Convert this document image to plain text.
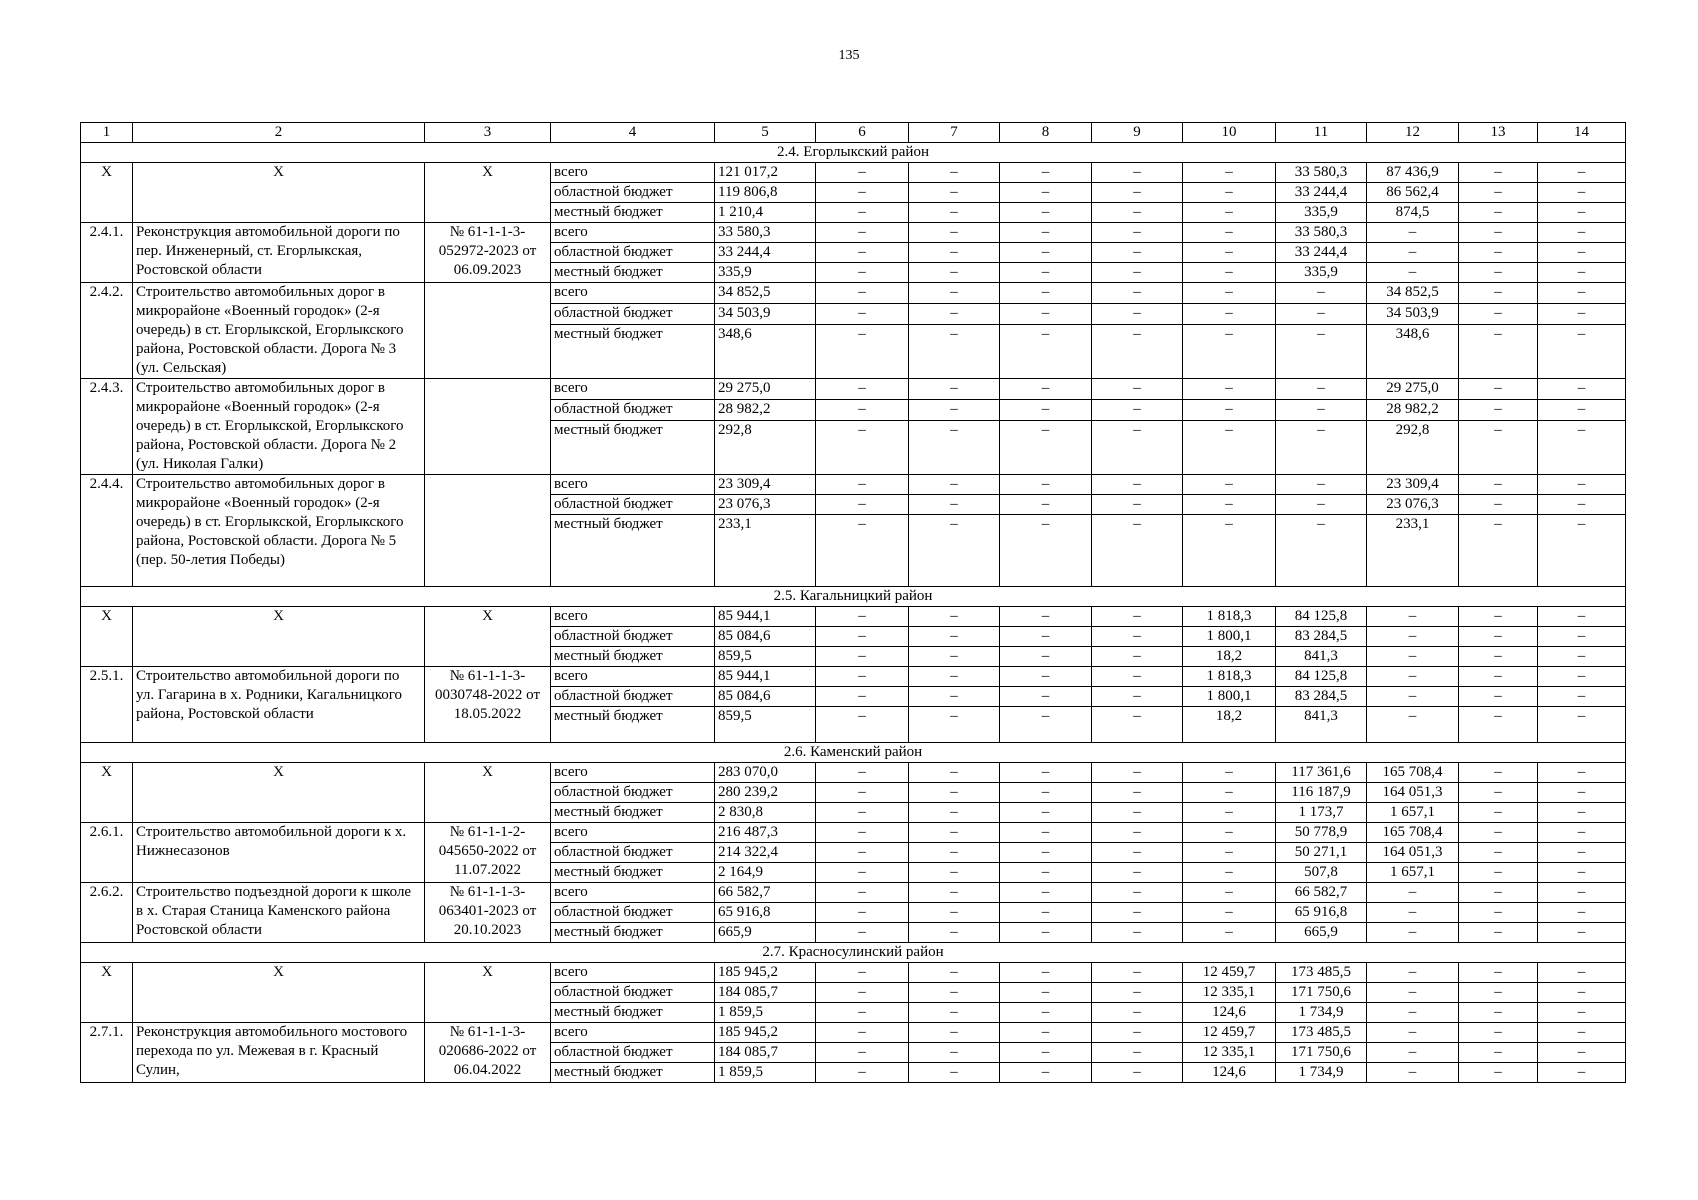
135
1	2	3	4	5	6	7	8	9	10	11	12	13	14
2.4. Егорлыкский район													
Х	Х	Х	всего	121 017,2	–	–	–	–	–	33 580,3	87 436,9	–	–
			областной бюджет	119 806,8	–	–	–	–	–	33 244,4	86 562,4	–	–
			местный бюджет	1 210,4	–	–	–	–	–	335,9	874,5	–	–
2.4.1.	Реконструкция автомобильной дороги по пер. Инженерный, ст. Егорлыкская, Ростовской области	№ 61-1-1-3-052972-2023 от 06.09.2023	всего	33 580,3	–	–	–	–	–	33 580,3	–	–	–
			областной бюджет	33 244,4	–	–	–	–	–	33 244,4	–	–	–
			местный бюджет	335,9	–	–	–	–	–	335,9	–	–	–
2.4.2.	Строительство автомобильных дорог в микрорайоне «Военный городок» (2-я очередь) в ст. Егорлыкской, Егорлыкского района, Ростовской области. Дорога № 3 (ул. Сельская)		всего	34 852,5	–	–	–	–	–	–	34 852,5	–	–
			областной бюджет	34 503,9	–	–	–	–	–	–	34 503,9	–	–
			местный бюджет	348,6	–	–	–	–	–	–	348,6	–	–
2.4.3.	Строительство автомобильных дорог в микрорайоне «Военный городок» (2-я очередь) в ст. Егорлыкской, Егорлыкского района, Ростовской области. Дорога № 2 (ул. Николая Галки)		всего	29 275,0	–	–	–	–	–	–	29 275,0	–	–
			областной бюджет	28 982,2	–	–	–	–	–	–	28 982,2	–	–
			местный бюджет	292,8	–	–	–	–	–	–	292,8	–	–
2.4.4.	Строительство автомобильных дорог в микрорайоне «Военный городок» (2-я очередь) в ст. Егорлыкской, Егорлыкского района, Ростовской области. Дорога № 5 (пер. 50-летия Победы)		всего	23 309,4	–	–	–	–	–	–	23 309,4	–	–
			областной бюджет	23 076,3	–	–	–	–	–	–	23 076,3	–	–
			местный бюджет	233,1	–	–	–	–	–	–	233,1	–	–
2.5. Кагальницкий район													
Х	Х	Х	всего	85 944,1	–	–	–	–	1 818,3	84 125,8	–	–	–
			областной бюджет	85 084,6	–	–	–	–	1 800,1	83 284,5	–	–	–
			местный бюджет	859,5	–	–	–	–	18,2	841,3	–	–	–
2.5.1.	Строительство автомобильной дороги по ул. Гагарина в х. Родники, Кагальницкого района, Ростовской области	№ 61-1-1-3-0030748-2022 от 18.05.2022	всего	85 944,1	–	–	–	–	1 818,3	84 125,8	–	–	–
			областной бюджет	85 084,6	–	–	–	–	1 800,1	83 284,5	–	–	–
			местный бюджет	859,5	–	–	–	–	18,2	841,3	–	–	–
2.6. Каменский район													
Х	Х	Х	всего	283 070,0	–	–	–	–	–	117 361,6	165 708,4	–	–
			областной бюджет	280 239,2	–	–	–	–	–	116 187,9	164 051,3	–	–
			местный бюджет	2 830,8	–	–	–	–	–	1 173,7	1 657,1	–	–
2.6.1.	Строительство автомобильной дороги к х. Нижнесазонов	№ 61-1-1-2-045650-2022 от 11.07.2022	всего	216 487,3	–	–	–	–	–	50 778,9	165 708,4	–	–
			областной бюджет	214 322,4	–	–	–	–	–	50 271,1	164 051,3	–	–
			местный бюджет	2 164,9	–	–	–	–	–	507,8	1 657,1	–	–
2.6.2.	Строительство подъездной дороги к школе в х. Старая Станица Каменского района Ростовской области	№ 61-1-1-3-063401-2023 от 20.10.2023	всего	66 582,7	–	–	–	–	–	66 582,7	–	–	–
			областной бюджет	65 916,8	–	–	–	–	–	65 916,8	–	–	–
			местный бюджет	665,9	–	–	–	–	–	665,9	–	–	–
2.7. Красносулинский район													
Х	Х	Х	всего	185 945,2	–	–	–	–	12 459,7	173 485,5	–	–	–
			областной бюджет	184 085,7	–	–	–	–	12 335,1	171 750,6	–	–	–
			местный бюджет	1 859,5	–	–	–	–	124,6	1 734,9	–	–	–
2.7.1.	Реконструкция автомобильного мостового перехода по ул. Межевая в г. Красный Сулин,	№ 61-1-1-3-020686-2022 от 06.04.2022	всего	185 945,2	–	–	–	–	12 459,7	173 485,5	–	–	–
			областной бюджет	184 085,7	–	–	–	–	12 335,1	171 750,6	–	–	–
			местный бюджет	1 859,5	–	–	–	–	124,6	1 734,9	–	–	–
